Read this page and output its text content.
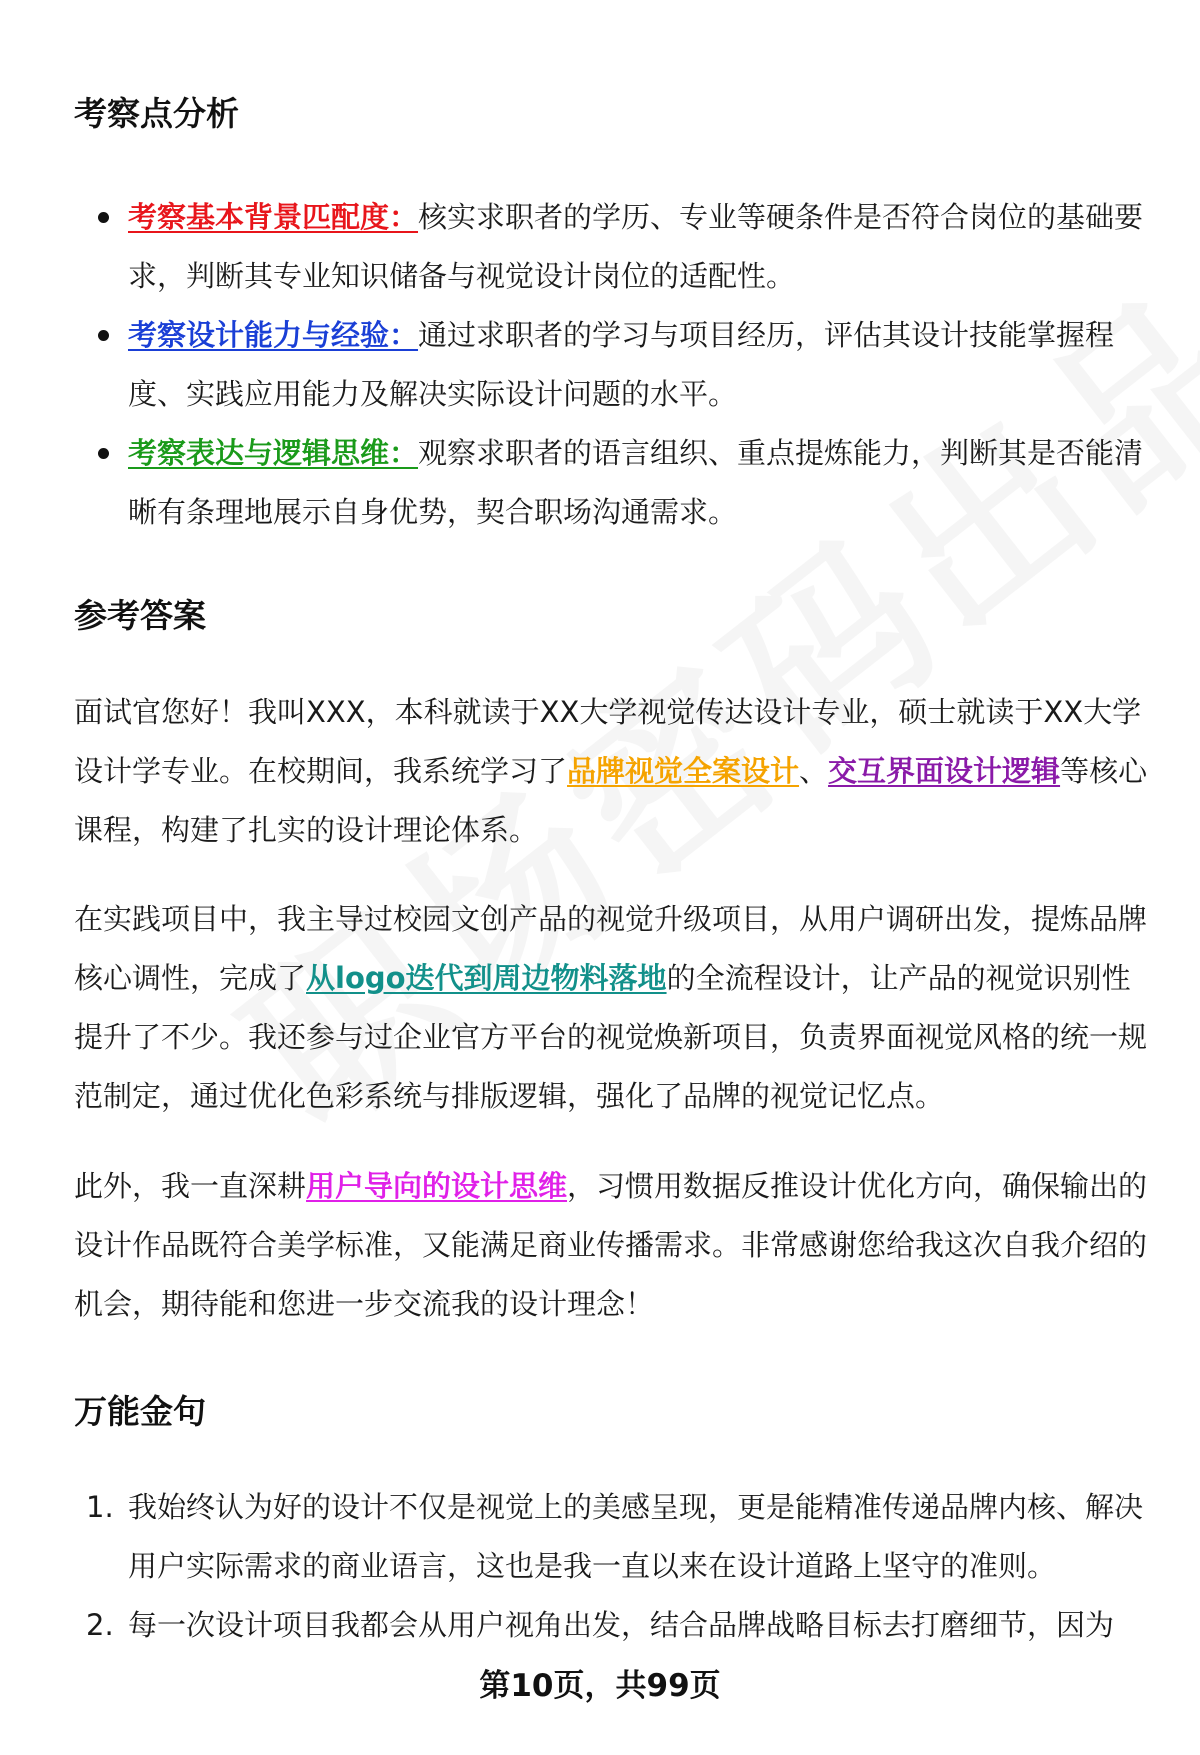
考察点分析
考察基本背景匹配度：核实求职者的学历、专业等硬条件是否符合岗位的基础要求，判断其专业知识储备与视觉设计岗位的适配性。
考察设计能力与经验：通过求职者的学习与项目经历，评估其设计技能掌握程度、实践应用能力及解决实际设计问题的水平。
考察表达与逻辑思维：观察求职者的语言组织、重点提炼能力，判断其是否能清晰有条理地展示自身优势，契合职场沟通需求。
参考答案

面试官您好！我叫XXX，本科就读于XX大学视觉传达设计专业，硕士就读于XX大学设计学专业。在校期间，我系统学习了品牌视觉全案设计、交互界面设计逻辑等核心课程，构建了扎实的设计理论体系。

在实践项目中，我主导过校园文创产品的视觉升级项目，从用户调研出发，提炼品牌核心调性，完成了从logo迭代到周边物料落地的全流程设计，让产品的视觉识别性提升了不少。我还参与过企业官方平台的视觉焕新项目，负责界面视觉风格的统一规范制定，通过优化色彩系统与排版逻辑，强化了品牌的视觉记忆点。

此外，我一直深耕用户导向的设计思维，习惯用数据反推设计优化方向，确保输出的设计作品既符合美学标准，又能满足商业传播需求。非常感谢您给我这次自我介绍的机会，期待能和您进一步交流我的设计理念！

万能金句
1. 我始终认为好的设计不仅是视觉上的美感呈现，更是能精准传递品牌内核、解决用户实际需求的商业语言，这也是我一直以来在设计道路上坚守的准则。
2. 每一次设计项目我都会从用户视角出发，结合品牌战略目标去打磨细节，因为
第10页，共99页
